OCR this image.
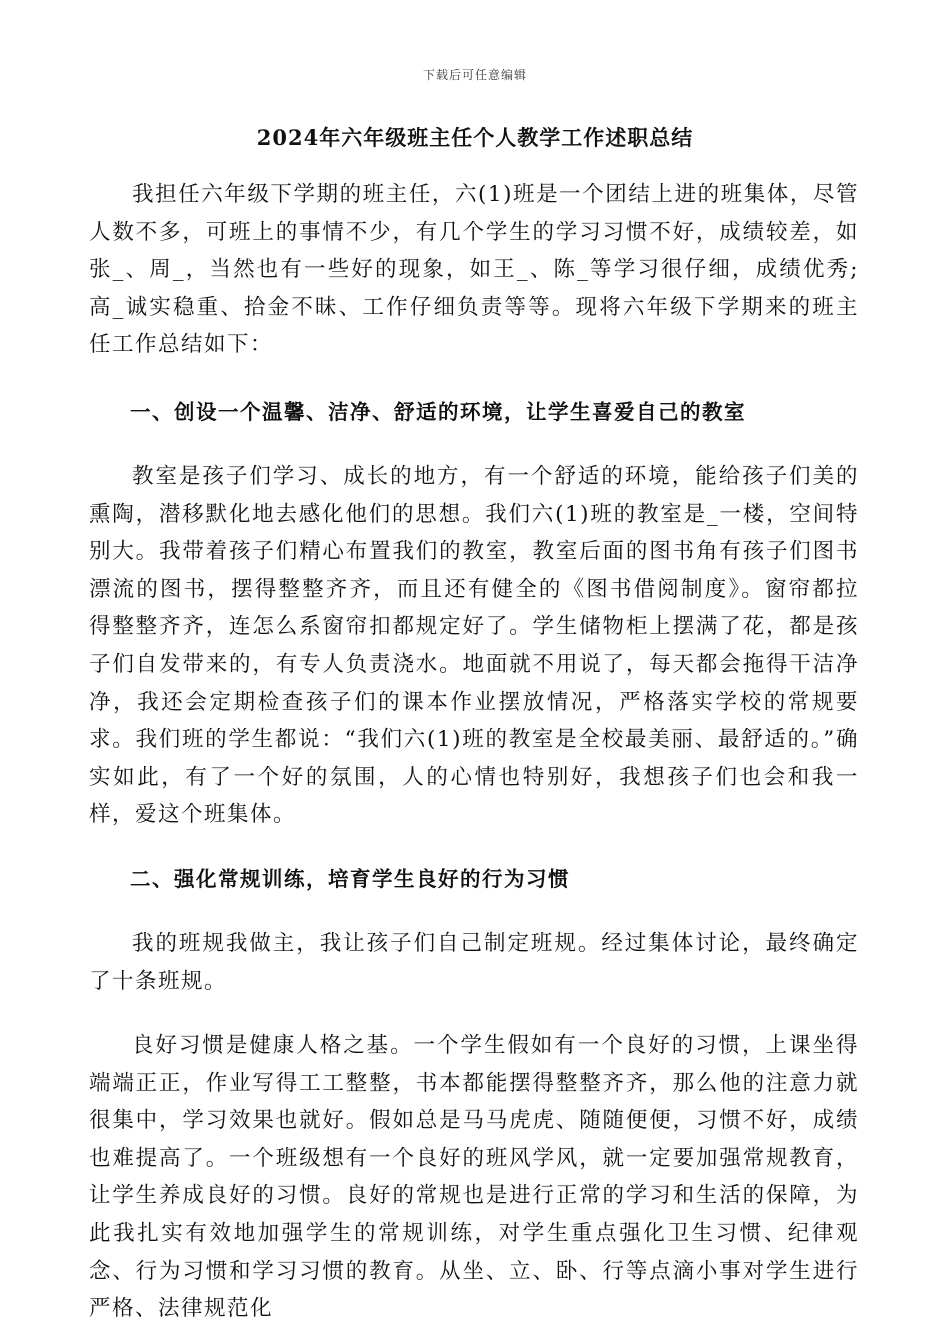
下载后可任意编辑
2024年六年级班主任个人教学工作述职总结

我担任六年级下学期的班主任，六(1)班是一个团结上进的班集体，尽管人数不多，可班上的事情不少，有几个学生的学习习惯不好，成绩较差，如张_、周_，当然也有一些好的现象，如王_、陈_等学习很仔细，成绩优秀;高_诚实稳重、拾金不昧、工作仔细负责等等。现将六年级下学期来的班主任工作总结如下：

一、创设一个温馨、洁净、舒适的环境，让学生喜爱自己的教室

教室是孩子们学习、成长的地方，有一个舒适的环境，能给孩子们美的熏陶，潜移默化地去感化他们的思想。我们六(1)班的教室是_一楼，空间特别大。我带着孩子们精心布置我们的教室，教室后面的图书角有孩子们图书漂流的图书，摆得整整齐齐，而且还有健全的《图书借阅制度》。窗帘都拉得整整齐齐，连怎么系窗帘扣都规定好了。学生储物柜上摆满了花，都是孩子们自发带来的，有专人负责浇水。地面就不用说了，每天都会拖得干洁净净，我还会定期检查孩子们的课本作业摆放情况，严格落实学校的常规要求。我们班的学生都说：“我们六(1)班的教室是全校最美丽、最舒适的。”确实如此，有了一个好的氛围，人的心情也特别好，我想孩子们也会和我一样，爱这个班集体。

二、强化常规训练，培育学生良好的行为习惯

我的班规我做主，我让孩子们自己制定班规。经过集体讨论，最终确定了十条班规。

良好习惯是健康人格之基。一个学生假如有一个良好的习惯，上课坐得端端正正，作业写得工工整整，书本都能摆得整整齐齐，那么他的注意力就很集中，学习效果也就好。假如总是马马虎虎、随随便便，习惯不好，成绩也难提高了。一个班级想有一个良好的班风学风，就一定要加强常规教育，让学生养成良好的习惯。良好的常规也是进行正常的学习和生活的保障，为此我扎实有效地加强学生的常规训练，对学生重点强化卫生习惯、纪律观念、行为习惯和学习习惯的教育。从坐、立、卧、行等点滴小事对学生进行严格、法律规范化
